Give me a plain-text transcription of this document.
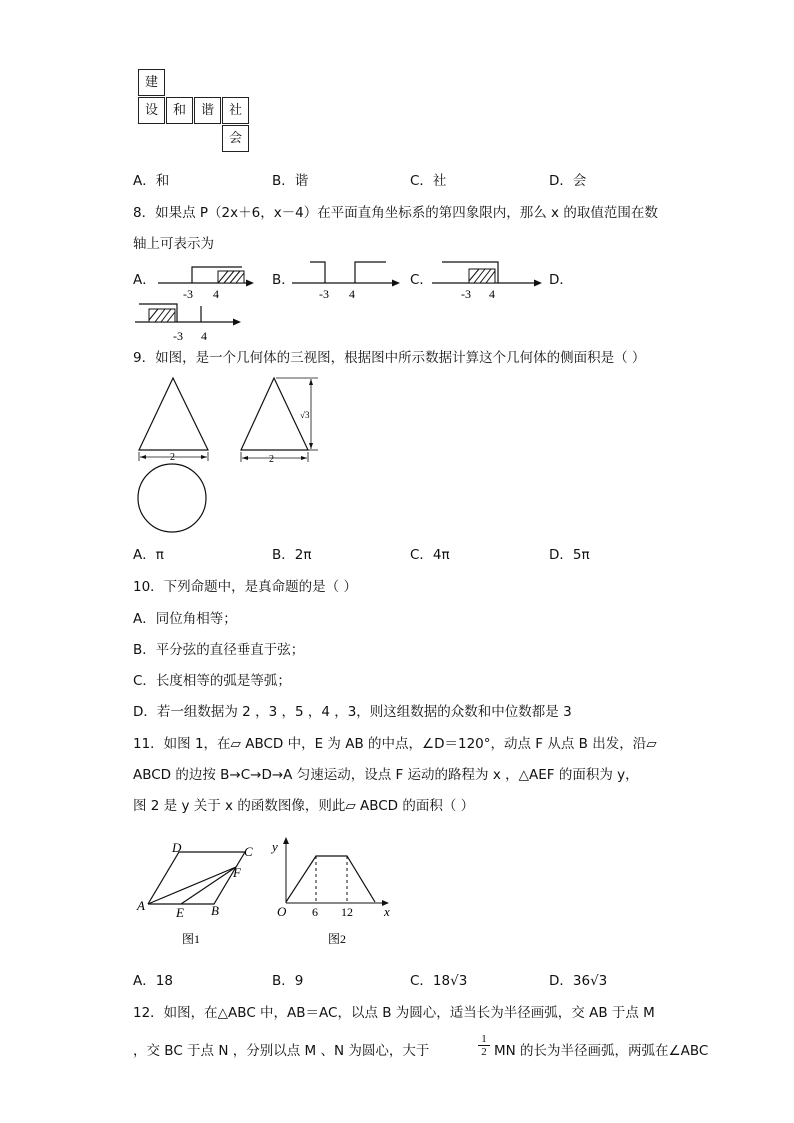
建
设	和	谐	社
会
A．和	B．谐	C．社	D．会
8．如果点 P（2x＋6，x－4）在平面直角坐标系的第四象限内，那么 x 的取值范围在数
轴上可表示为
A．
-3 4
B．
-3 4
C．
-3 4
D．
-3 4
9．如图，是一个几何体的三视图，根据图中所示数据计算这个几何体的侧面积是（ ）
2
√3
2
A．π	B．2π	C．4π	D．5π
10．下列命题中，是真命题的是（ ）
A．同位角相等；
B．平分弦的直径垂直于弦；
C．长度相等的弧是等弧；
D．若一组数据为 2 ，3 ，5 ，4 ，3，则这组数据的众数和中位数都是 3
11．如图 1，在▱ ABCD 中，E 为 AB 的中点，∠D＝120°，动点 F 从点 B 出发，沿▱
ABCD 的边按 B→C→D→A 匀速运动，设点 F 运动的路程为 x ，△AEF 的面积为 y，
图 2 是 y 关于 x 的函数图像，则此▱ ABCD 的面积（ ）
D	C
F
A E B
图1
y
x
O 6 12
图2
A．18	B．9	C．18√3	D．36√3
12．如图，在△ABC 中，AB＝AC，以点 B 为圆心，适当长为半径画弧，交 AB 于点 M
，交 BC 于点 N ，分别以点 M 、N 为圆心，大于	$\frac{1}{2}$ MN 的长为半径画弧，两弧在∠ABC
